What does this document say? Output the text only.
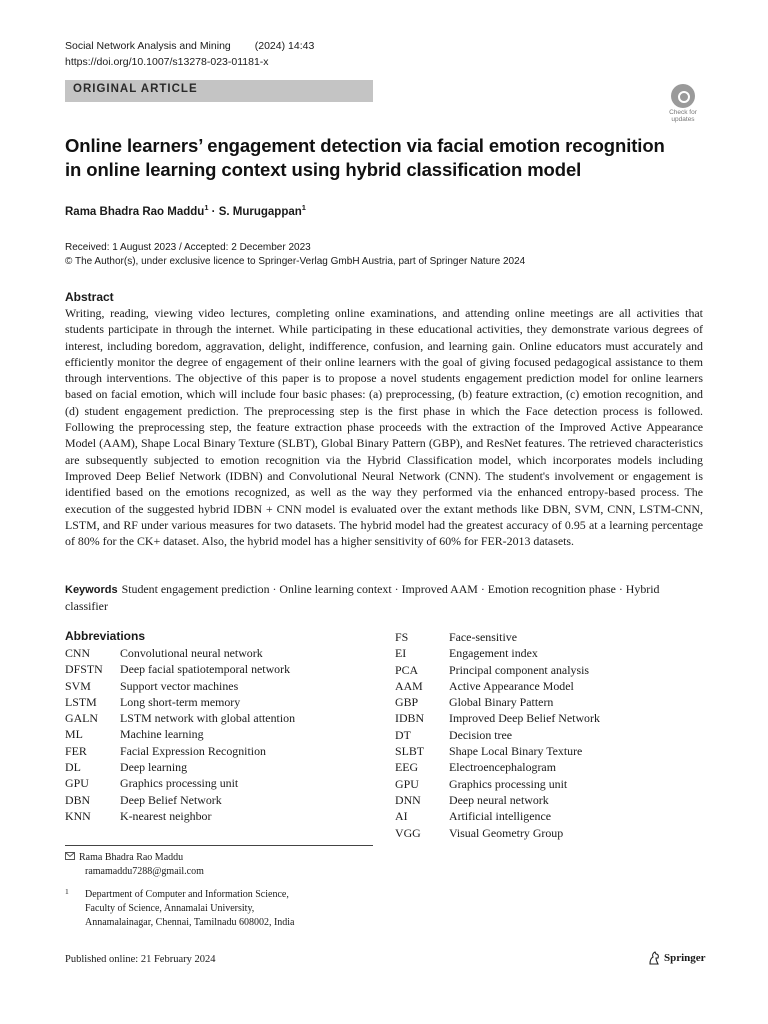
Social Network Analysis and Mining (2024) 14:43
https://doi.org/10.1007/s13278-023-01181-x
ORIGINAL ARTICLE
Check for
updates
Online learners’ engagement detection via facial emotion recognition
in online learning context using hybrid classification model
Rama Bhadra Rao Maddu$^1$ · S. Murugappan$^1$
Received: 1 August 2023 / Accepted: 2 December 2023
© The Author(s), under exclusive licence to Springer-Verlag GmbH Austria, part of Springer Nature 2024
Abstract

Writing, reading, viewing video lectures, completing online examinations, and attending online meetings are all activities that students participate in through the internet. While participating in these educational activities, they demonstrate various degrees of interest, including boredom, aggravation, delight, indifference, confusion, and learning gain. Online educators must accurately and efficiently monitor the degree of engagement of their online learners with the goal of giving focused pedagogical assistance to them through interventions. The objective of this paper is to propose a novel students engagement prediction model for online learners based on facial emotion, which will include four basic phases: (a) preprocessing, (b) feature extraction, (c) emotion recognition, and (d) student engagement prediction. The preprocessing step is the first phase in which the Face detection process is followed. Following the preprocessing step, the feature extraction phase proceeds with the extraction of the Improved Active Appearance Model (AAM), Shape Local Binary Texture (SLBT), Global Binary Pattern (GBP), and ResNet features. The retrieved characteristics are subsequently subjected to emotion recognition via the Hybrid Classification model, which incorporates models including Improved Deep Belief Network (IDBN) and Convolutional Neural Network (CNN). The student's involvement or engagement is identified based on the emotions recognized, as well as the way they performed via the enhanced entropy-based process. The execution of the suggested hybrid IDBN + CNN model is evaluated over the extant methods like DBN, SVM, CNN, LSTM-CNN, LSTM, and RF under various measures for two datasets. The hybrid model had the greatest accuracy of 0.95 at a learning percentage of 80% for the CK+ dataset. Also, the hybrid model has a higher sensitivity of 60% for FER-2013 datasets.

Keywords Student engagement prediction · Online learning context · Improved AAM · Emotion recognition phase · Hybrid classifier
Abbreviations
CNN	Convolutional neural network
DFSTN Deep facial spatiotemporal network
SVM Support vector machines
LSTM Long short-term memory
GALN LSTM network with global attention
ML	Machine learning
FER	Facial Expression Recognition
DL	Deep learning
GPU	Graphics processing unit
DBN	Deep Belief Network
KNN K-nearest neighbor
FS	Face-sensitive
EI	Engagement index
PCA	Principal component analysis
AAM Active Appearance Model
GBP	Global Binary Pattern
IDBN Improved Deep Belief Network
DT	Decision tree
SLBT Shape Local Binary Texture
EEG	Electroencephalogram
GPU	Graphics processing unit
DNN Deep neural network
AI	Artificial intelligence
VGG Visual Geometry Group
Rama Bhadra Rao Maddu
ramamaddu7288@gmail.com
1 Department of Computer and Information Science,
Faculty of Science, Annamalai University,
Annamalainagar, Chennai, Tamilnadu 608002, India
Published online: 21 February 2024	Springer
